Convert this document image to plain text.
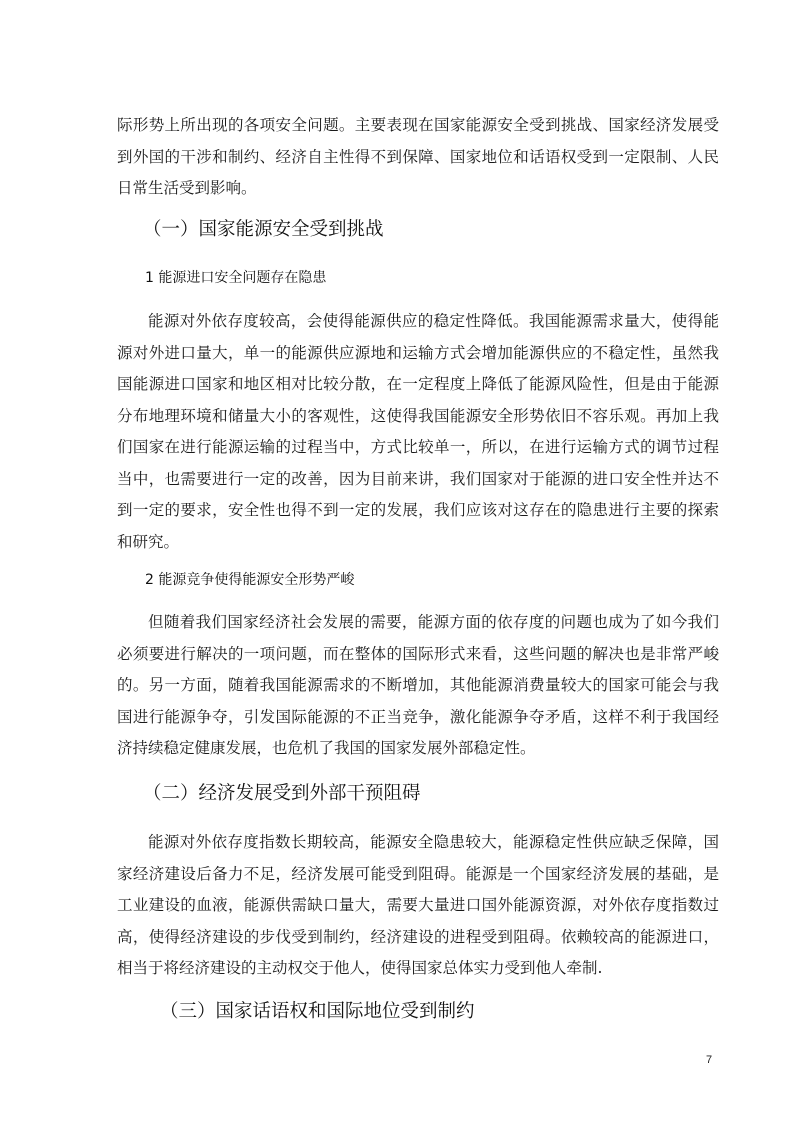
际形势上所出现的各项安全问题。主要表现在国家能源安全受到挑战、国家经济发展受到外国的干涉和制约、经济自主性得不到保障、国家地位和话语权受到一定限制、人民日常生活受到影响。

（一）国家能源安全受到挑战
1 能源进口安全问题存在隐患

能源对外依存度较高，会使得能源供应的稳定性降低。我国能源需求量大，使得能源对外进口量大，单一的能源供应源地和运输方式会增加能源供应的不稳定性，虽然我国能源进口国家和地区相对比较分散，在一定程度上降低了能源风险性，但是由于能源分布地理环境和储量大小的客观性，这使得我国能源安全形势依旧不容乐观。再加上我们国家在进行能源运输的过程当中，方式比较单一，所以，在进行运输方式的调节过程当中，也需要进行一定的改善，因为目前来讲，我们国家对于能源的进口安全性并达不到一定的要求，安全性也得不到一定的发展，我们应该对这存在的隐患进行主要的探索和研究。

2 能源竞争使得能源安全形势严峻

但随着我们国家经济社会发展的需要，能源方面的依存度的问题也成为了如今我们必须要进行解决的一项问题，而在整体的国际形式来看，这些问题的解决也是非常严峻的。另一方面，随着我国能源需求的不断增加，其他能源消费量较大的国家可能会与我国进行能源争夺，引发国际能源的不正当竞争，激化能源争夺矛盾，这样不利于我国经济持续稳定健康发展，也危机了我国的国家发展外部稳定性。

（二）经济发展受到外部干预阻碍

能源对外依存度指数长期较高，能源安全隐患较大，能源稳定性供应缺乏保障，国家经济建设后备力不足，经济发展可能受到阻碍。能源是一个国家经济发展的基础，是工业建设的血液，能源供需缺口量大，需要大量进口国外能源资源，对外依存度指数过高，使得经济建设的步伐受到制约，经济建设的进程受到阻碍。依赖较高的能源进口，相当于将经济建设的主动权交于他人，使得国家总体实力受到他人牵制.

（三）国家话语权和国际地位受到制约
7
